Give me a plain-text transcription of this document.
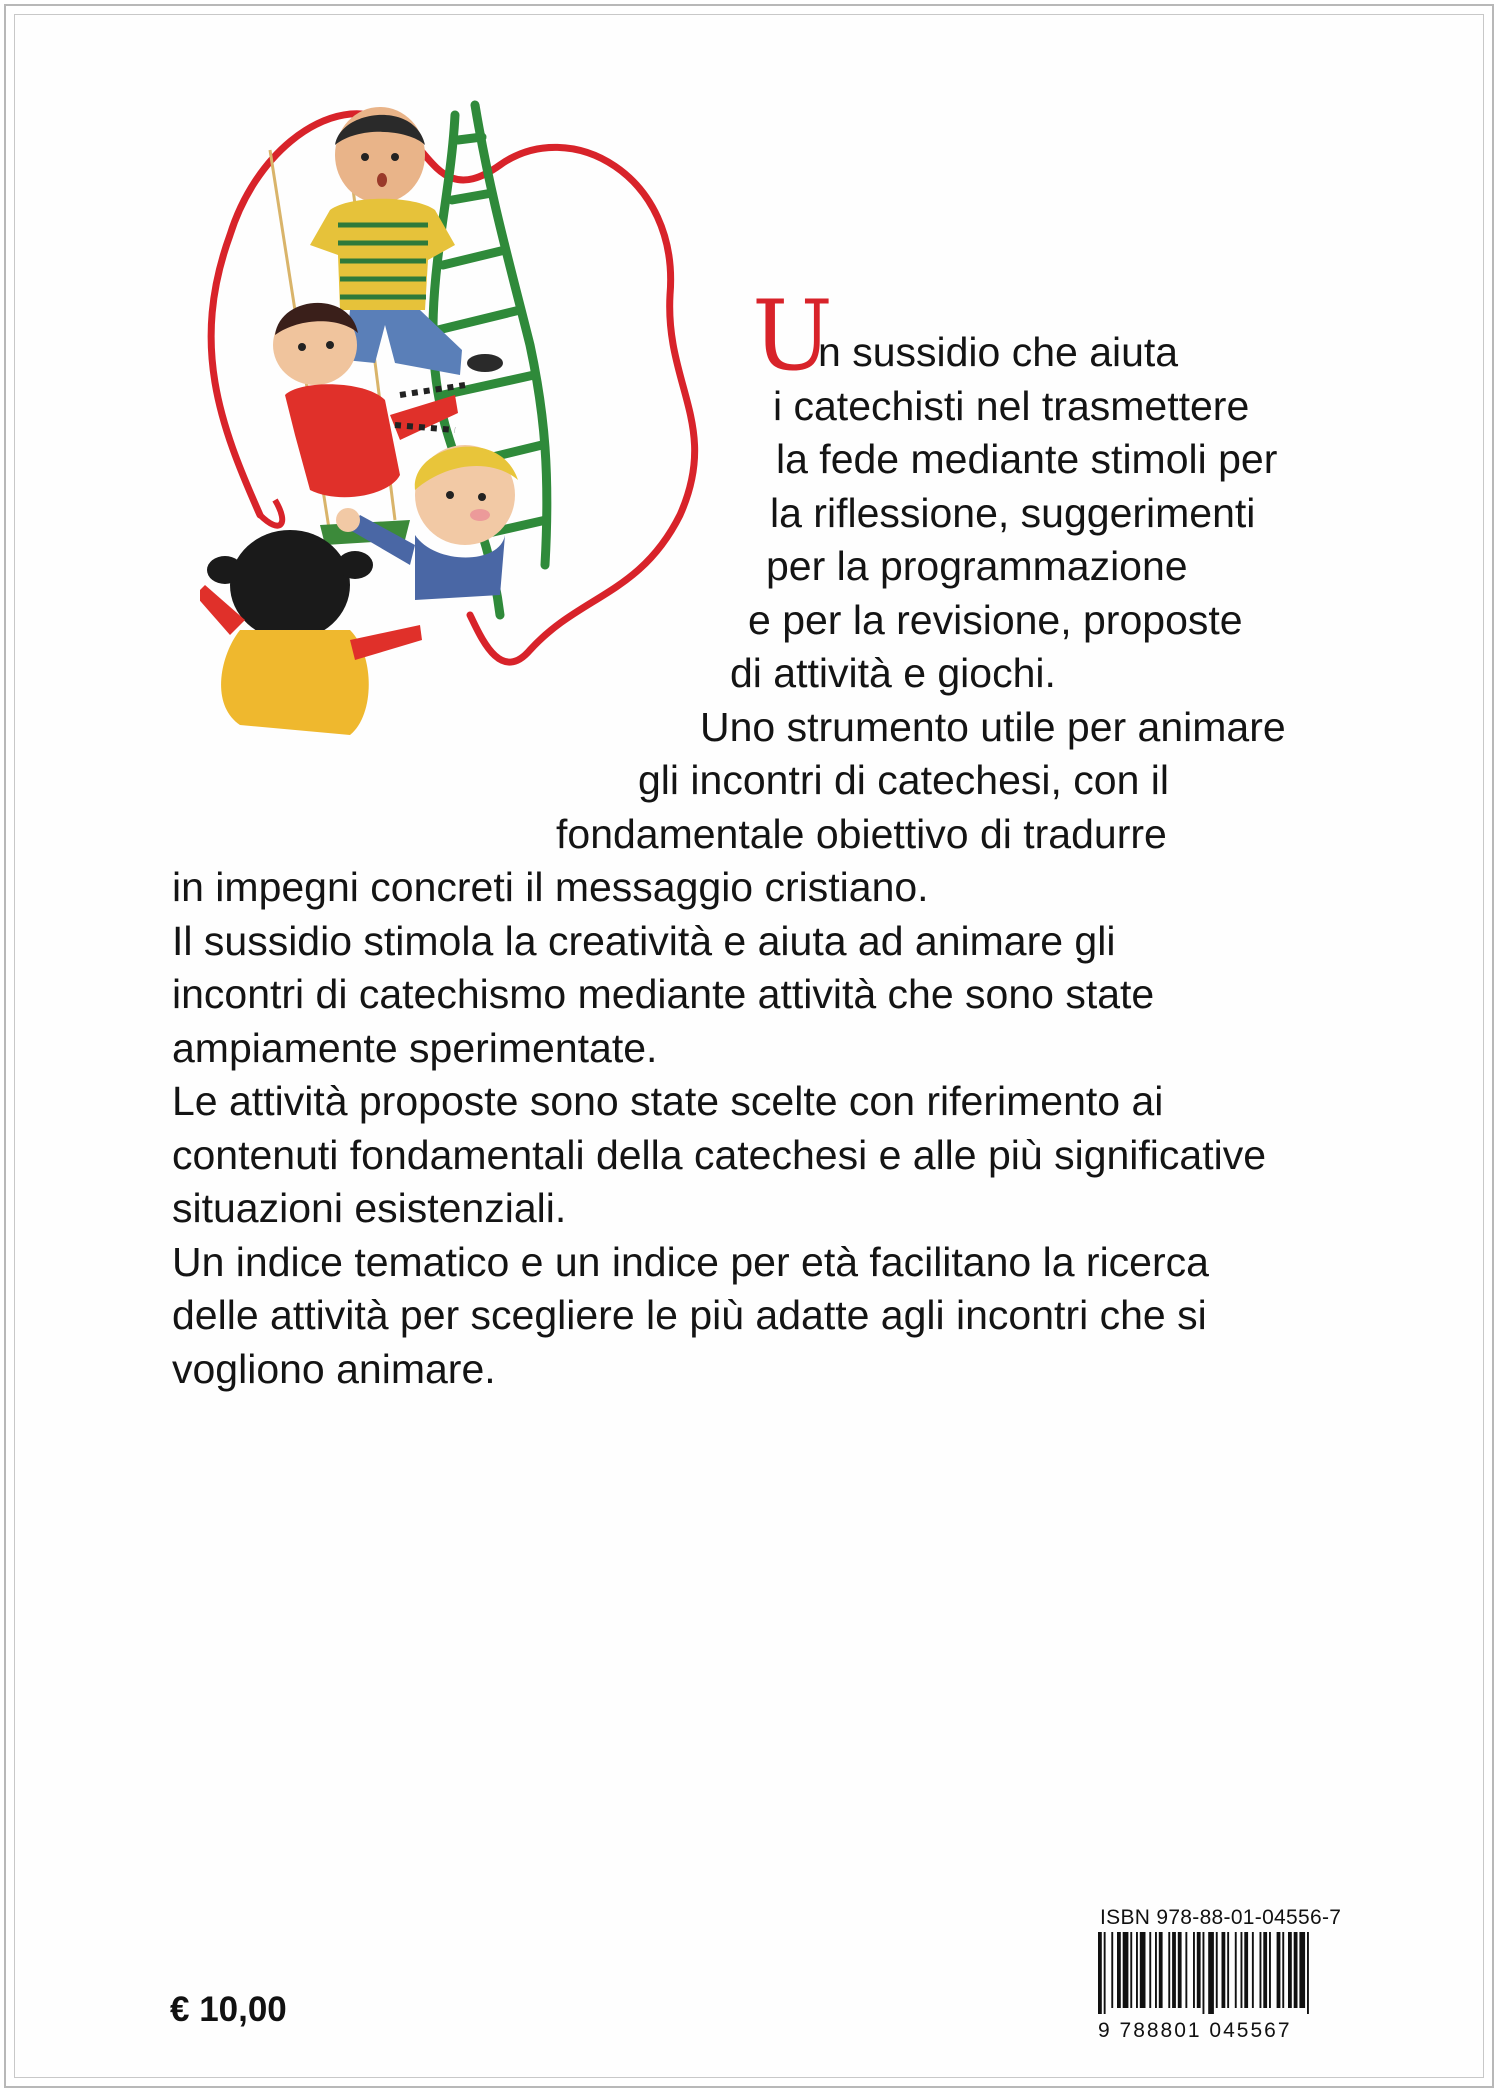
U
n sussidio che aiuta
i catechisti nel trasmettere
la fede mediante stimoli per
la riflessione, suggerimenti
per la programmazione
e per la revisione, proposte
di attività e giochi.
Uno strumento utile per animare
gli incontri di catechesi, con il
fondamentale obiettivo di tradurre
in impegni concreti il messaggio cristiano.
Il sussidio stimola la creatività e aiuta ad animare gli
incontri di catechismo mediante attività che sono state
ampiamente sperimentate.
Le attività proposte sono state scelte con riferimento ai
contenuti fondamentali della catechesi e alle più significative
situazioni esistenziali.
Un indice tematico e un indice per età facilitano la ricerca
delle attività per scegliere le più adatte agli incontri che si
vogliono animare.
€ 10,00
ISBN 978-88-01-04556-7
9 788801 045567
